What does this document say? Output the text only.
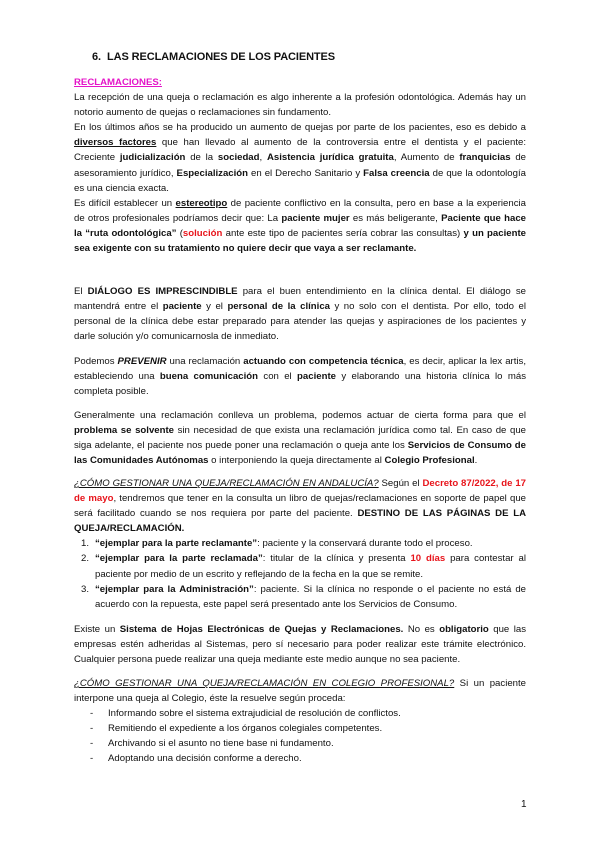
6. LAS RECLAMACIONES DE LOS PACIENTES

RECLAMACIONES:

La recepción de una queja o reclamación es algo inherente a la profesión odontológica. Además hay un notorio aumento de quejas o reclamaciones sin fundamento.

En los últimos años se ha producido un aumento de quejas por parte de los pacientes, eso es debido a diversos factores que han llevado al aumento de la controversia entre el dentista y el paciente: Creciente judicialización de la sociedad, Asistencia jurídica gratuita, Aumento de franquicias de asesoramiento jurídico, Especialización en el Derecho Sanitario y Falsa creencia de que la odontología es una ciencia exacta.

Es difícil establecer un estereotipo de paciente conflictivo en la consulta, pero en base a la experiencia de otros profesionales podríamos decir que: La paciente mujer es más beligerante, Paciente que hace la “ruta odontológica” (solución ante este tipo de pacientes sería cobrar las consultas) y un paciente sea exigente con su tratamiento no quiere decir que vaya a ser reclamante.

El DIÁLOGO ES IMPRESCINDIBLE para el buen entendimiento en la clínica dental. El diálogo se mantendrá entre el paciente y el personal de la clínica y no solo con el dentista. Por ello, todo el personal de la clínica debe estar preparado para atender las quejas y aspiraciones de los pacientes y darle solución y/o comunicarnosla de inmediato.

Podemos PREVENIR una reclamación actuando con competencia técnica, es decir, aplicar la lex artis, estableciendo una buena comunicación con el paciente y elaborando una historia clínica lo más completa posible.

Generalmente una reclamación conlleva un problema, podemos actuar de cierta forma para que el problema se solvente sin necesidad de que exista una reclamación jurídica como tal. En caso de que siga adelante, el paciente nos puede poner una reclamación o queja ante los Servicios de Consumo de las Comunidades Autónomas o interponiendo la queja directamente al Colegio Profesional.

¿CÓMO GESTIONAR UNA QUEJA/RECLAMACIÓN EN ANDALUCÍA? Según el Decreto 87/2022, de 17 de mayo, tendremos que tener en la consulta un libro de quejas/reclamaciones en soporte de papel que será facilitado cuando se nos requiera por parte del paciente. DESTINO DE LAS PÁGINAS DE LA QUEJA/RECLAMACIÓN.

1. “ejemplar para la parte reclamante”: paciente y la conservará durante todo el proceso.
2. “ejemplar para la parte reclamada”: titular de la clínica y presenta 10 días para contestar al paciente por medio de un escrito y reflejando de la fecha en la que se remite.
3. “ejemplar para la Administración”: paciente. Si la clínica no responde o el paciente no está de acuerdo con la repuesta, este papel será presentado ante los Servicios de Consumo.

Existe un Sistema de Hojas Electrónicas de Quejas y Reclamaciones. No es obligatorio que las empresas estén adheridas al Sistemas, pero sí necesario para poder realizar este trámite electrónico. Cualquier persona puede realizar una queja mediante este medio aunque no sea paciente.

¿CÓMO GESTIONAR UNA QUEJA/RECLAMACIÓN EN COLEGIO PROFESIONAL? Si un paciente interpone una queja al Colegio, éste la resuelve según proceda:

- Informando sobre el sistema extrajudicial de resolución de conflictos.
- Remitiendo el expediente a los órganos colegiales competentes.
- Archivando si el asunto no tiene base ni fundamento.
- Adoptando una decisión conforme a derecho.
1
